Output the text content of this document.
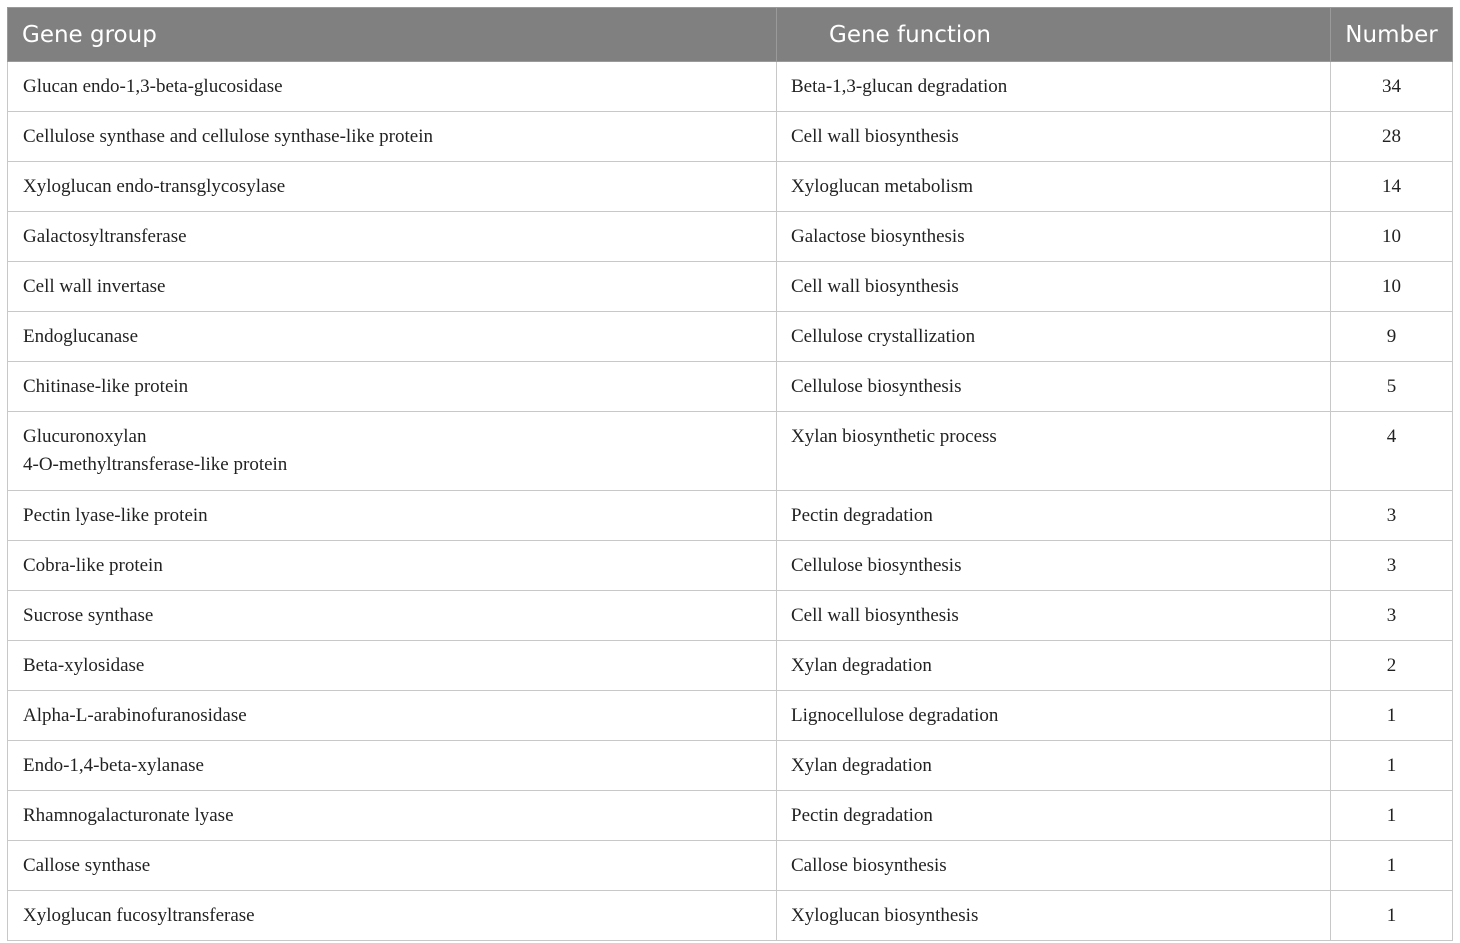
Gene group	Gene function	Number

Glucan endo-1,3-beta-glucosidase	Beta-1,3-glucan degradation	34

Cellulose synthase and cellulose synthase-like protein	Cell wall biosynthesis	28

Xyloglucan endo-transglycosylase	Xyloglucan metabolism	14

Galactosyltransferase	Galactose biosynthesis	10

Cell wall invertase	Cell wall biosynthesis	10

Endoglucanase	Cellulose crystallization	9

Chitinase-like protein	Cellulose biosynthesis	5

Glucuronoxylan
4-O-methyltransferase-like protein	Xylan biosynthetic process	4

Pectin lyase-like protein	Pectin degradation	3

Cobra-like protein	Cellulose biosynthesis	3

Sucrose synthase	Cell wall biosynthesis	3

Beta-xylosidase	Xylan degradation	2

Alpha-L-arabinofuranosidase	Lignocellulose degradation	1

Endo-1,4-beta-xylanase	Xylan degradation	1

Rhamnogalacturonate lyase	Pectin degradation	1

Callose synthase	Callose biosynthesis	1

Xyloglucan fucosyltransferase	Xyloglucan biosynthesis	1
